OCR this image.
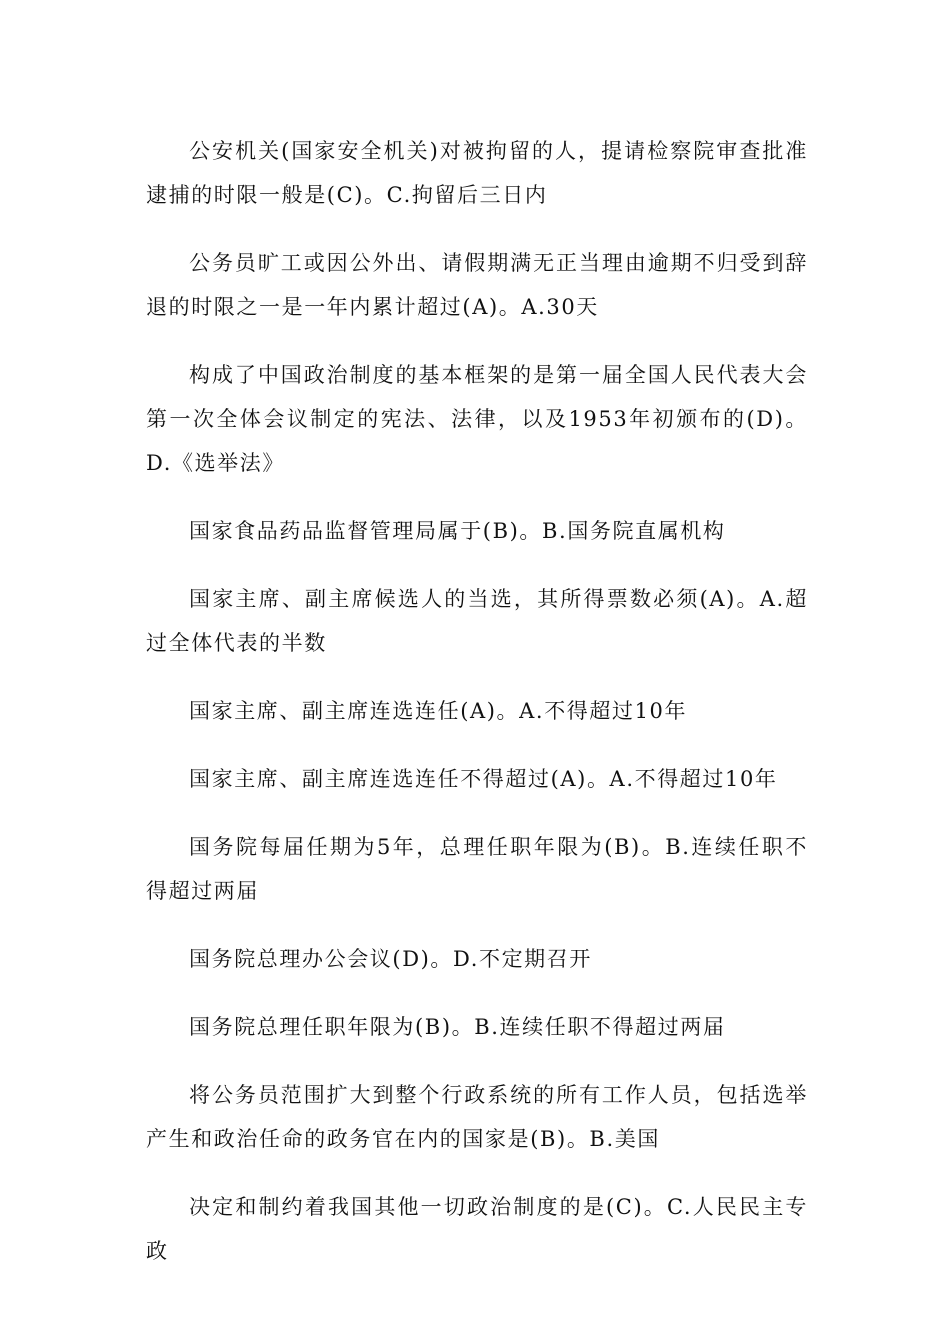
公安机关(国家安全机关)对被拘留的人，提请检察院审查批准逮捕的时限一般是(C)。C.拘留后三日内

公务员旷工或因公外出、请假期满无正当理由逾期不归受到辞退的时限之一是一年内累计超过(A)。A.30天

构成了中国政治制度的基本框架的是第一届全国人民代表大会第一次全体会议制定的宪法、法律，以及1953年初颁布的(D)。D.《选举法》

国家食品药品监督管理局属于(B)。B.国务院直属机构

国家主席、副主席候选人的当选，其所得票数必须(A)。A.超过全体代表的半数

国家主席、副主席连选连任(A)。A.不得超过10年

国家主席、副主席连选连任不得超过(A)。A.不得超过10年

国务院每届任期为5年，总理任职年限为(B)。B.连续任职不得超过两届

国务院总理办公会议(D)。D.不定期召开

国务院总理任职年限为(B)。B.连续任职不得超过两届

将公务员范围扩大到整个行政系统的所有工作人员，包括选举产生和政治任命的政务官在内的国家是(B)。B.美国

决定和制约着我国其他一切政治制度的是(C)。C.人民民主专政
